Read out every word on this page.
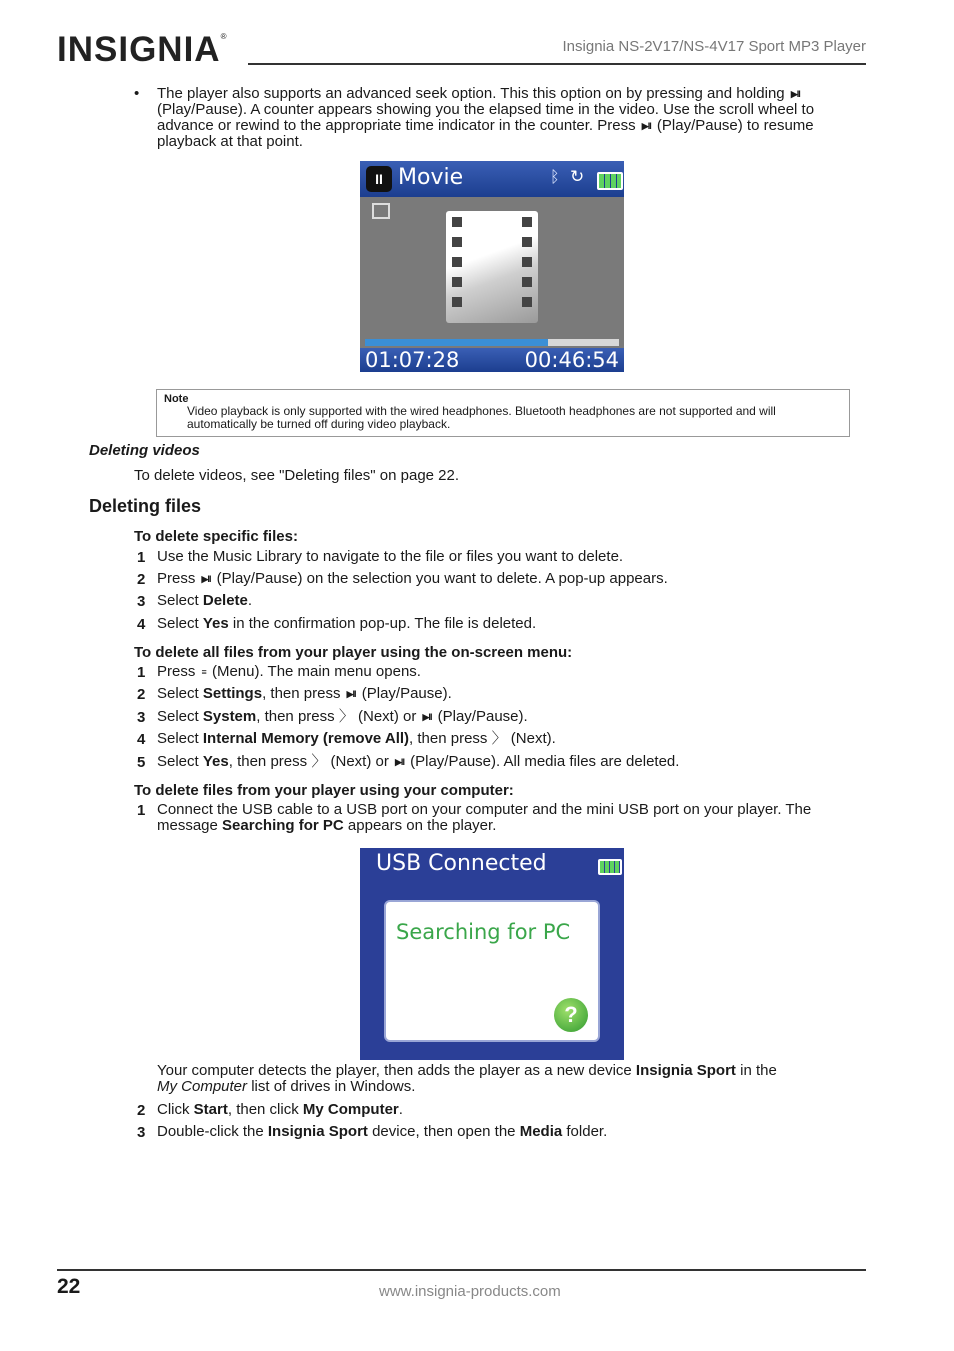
INSIGNIA®
Insignia NS-2V17/NS-4V17 Sport MP3 Player
• The player also supports an advanced seek option. This this option on by pressing and holding ▶II
(Play/Pause). A counter appears showing you the elapsed time in the video. Use the scroll wheel to
advance or rewind to the appropriate time indicator in the counter. Press ▶II (Play/Pause) to resume
playback at that point.
II Movie	ᛒ ↻
01:07:28	00:46:54
Note
Video playback is only supported with the wired headphones. Bluetooth headphones are not supported and will
automatically be turned off during video playback.
Deleting videos
To delete videos, see "Deleting files" on page 22.
Deleting files
To delete specific files:
1 Use the Music Library to navigate to the file or files you want to delete.
2 Press ▶II (Play/Pause) on the selection you want to delete. A pop-up appears.
3 Select Delete.
4 Select Yes in the confirmation pop-up. The file is deleted.
To delete all files from your player using the on-screen menu:
1 Press ≡ (Menu). The main menu opens.
2 Select Settings, then press ▶II (Play/Pause).
3 Select System, then press 〉 (Next) or ▶II (Play/Pause).
4 Select Internal Memory (remove All), then press 〉 (Next).
5 Select Yes, then press 〉 (Next) or ▶II (Play/Pause). All media files are deleted.
To delete files from your player using your computer:
1 Connect the USB cable to a USB port on your computer and the mini USB port on your player. The
message Searching for PC appears on the player.
USB Connected
Searching for PC
?
Your computer detects the player, then adds the player as a new device Insignia Sport in the
My Computer list of drives in Windows.
2 Click Start, then click My Computer.
3 Double-click the Insignia Sport device, then open the Media folder.
22	www.insignia-products.com
